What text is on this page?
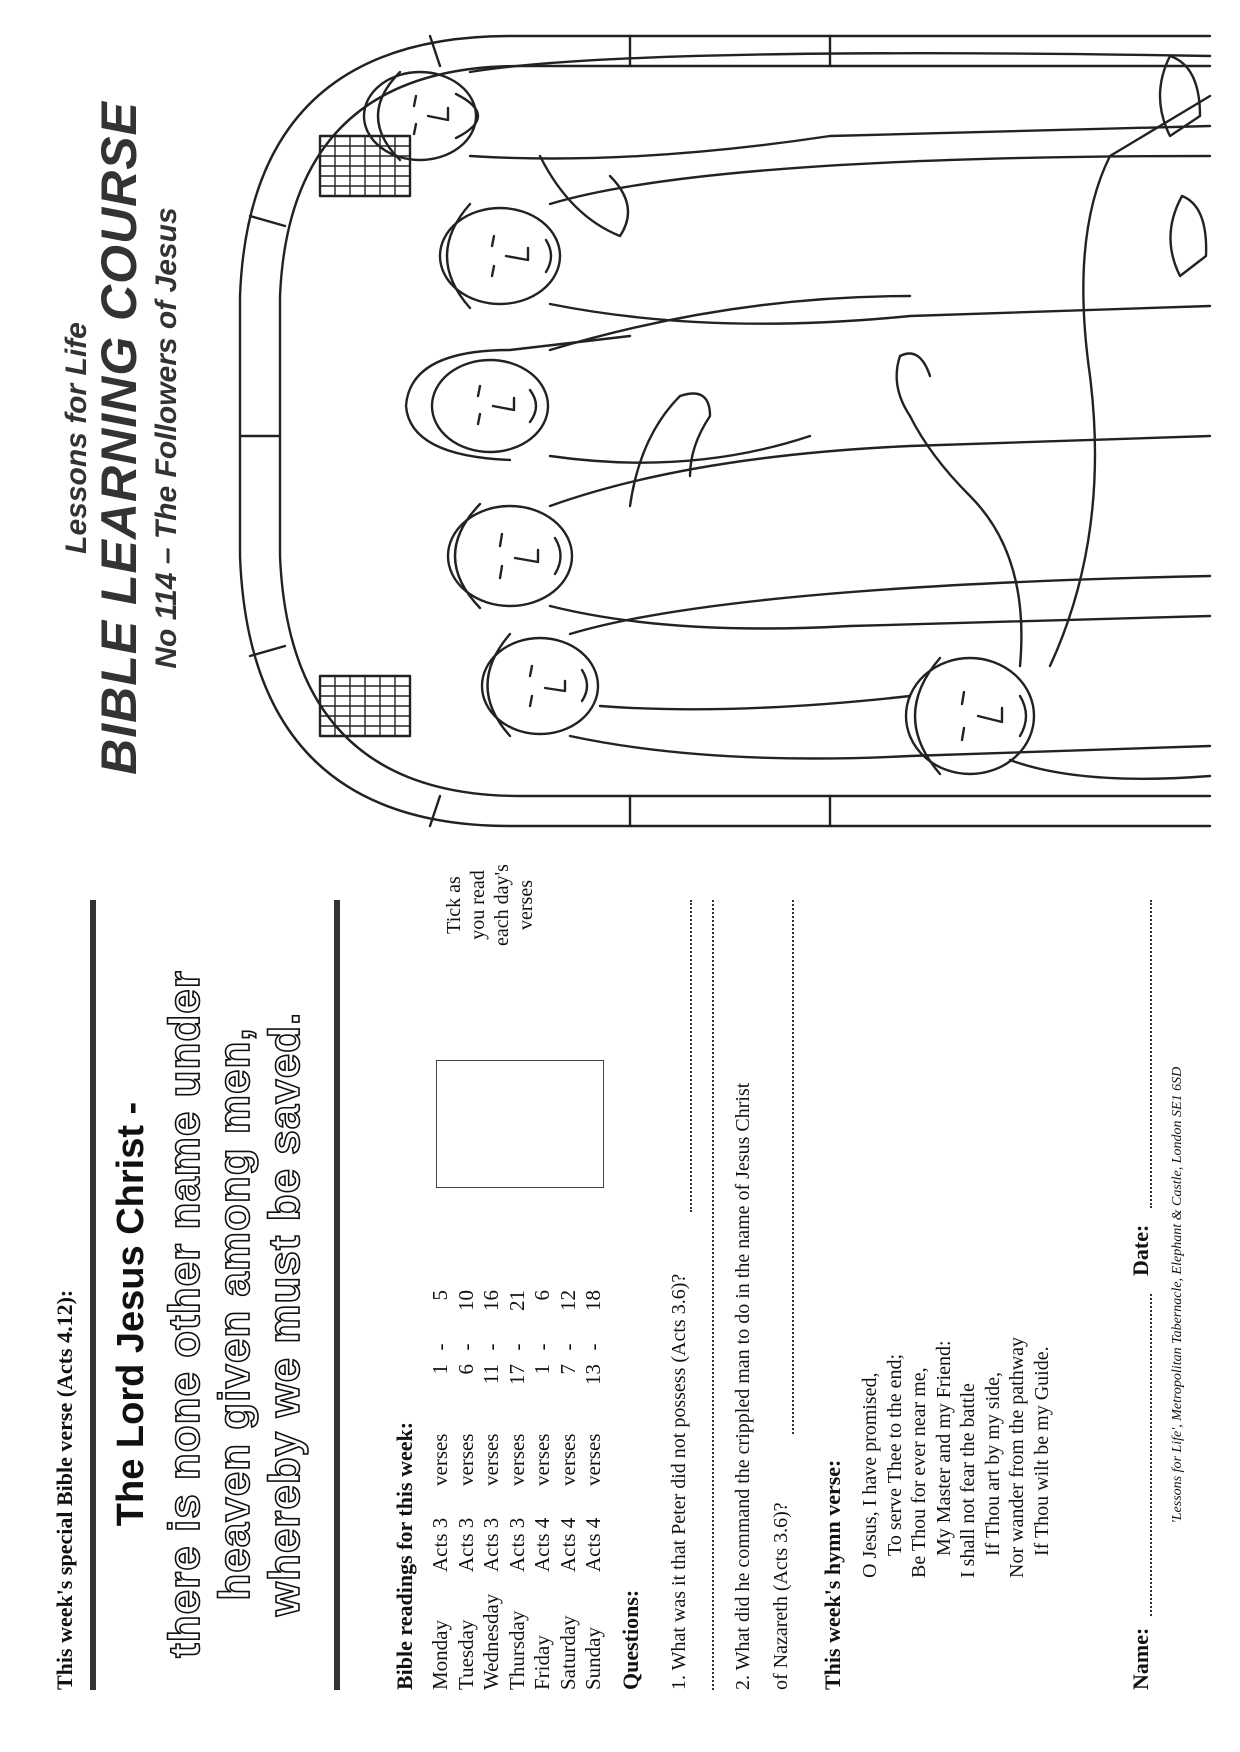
This week's special Bible verse (Acts 4.12): The Lord Jesus Christ - there is none other name under heaven given among men, whereby we must be saved.	Bible readings for this week: Monday	Acts 3	verses	1	-	5
Tuesday	Acts 3	verses	6	-	10
Wednesday	Acts 3	verses	11	-	16
Thursday	Acts 3	verses	17	-	21
Friday	Acts 4	verses	1	-	6
Saturday	Acts 4	verses	7	-	12
Sunday	Acts 4	verses	13	-	18
Tick as you read each day's verses
Questions: 1. What was it that Peter did not possess (Acts 3.6)? 2. What did he command the crippled man to do in the name of Jesus Christ of Nazareth (Acts 3.6)? This week's hymn verse: O Jesus, I have promised, To serve Thee to the end; Be Thou for ever near me, My Master and my Friend: I shall not fear the battle If Thou art by my side, Nor wander from the pathway If Thou wilt be my Guide.
Name:
Date: 'Lessons for Life', Metropolitan Tabernacle, Elephant & Castle, London SE1 6SD
Lessons for Life
BIBLE LEARNING COURSE No 114 – The Followers of Jesus
